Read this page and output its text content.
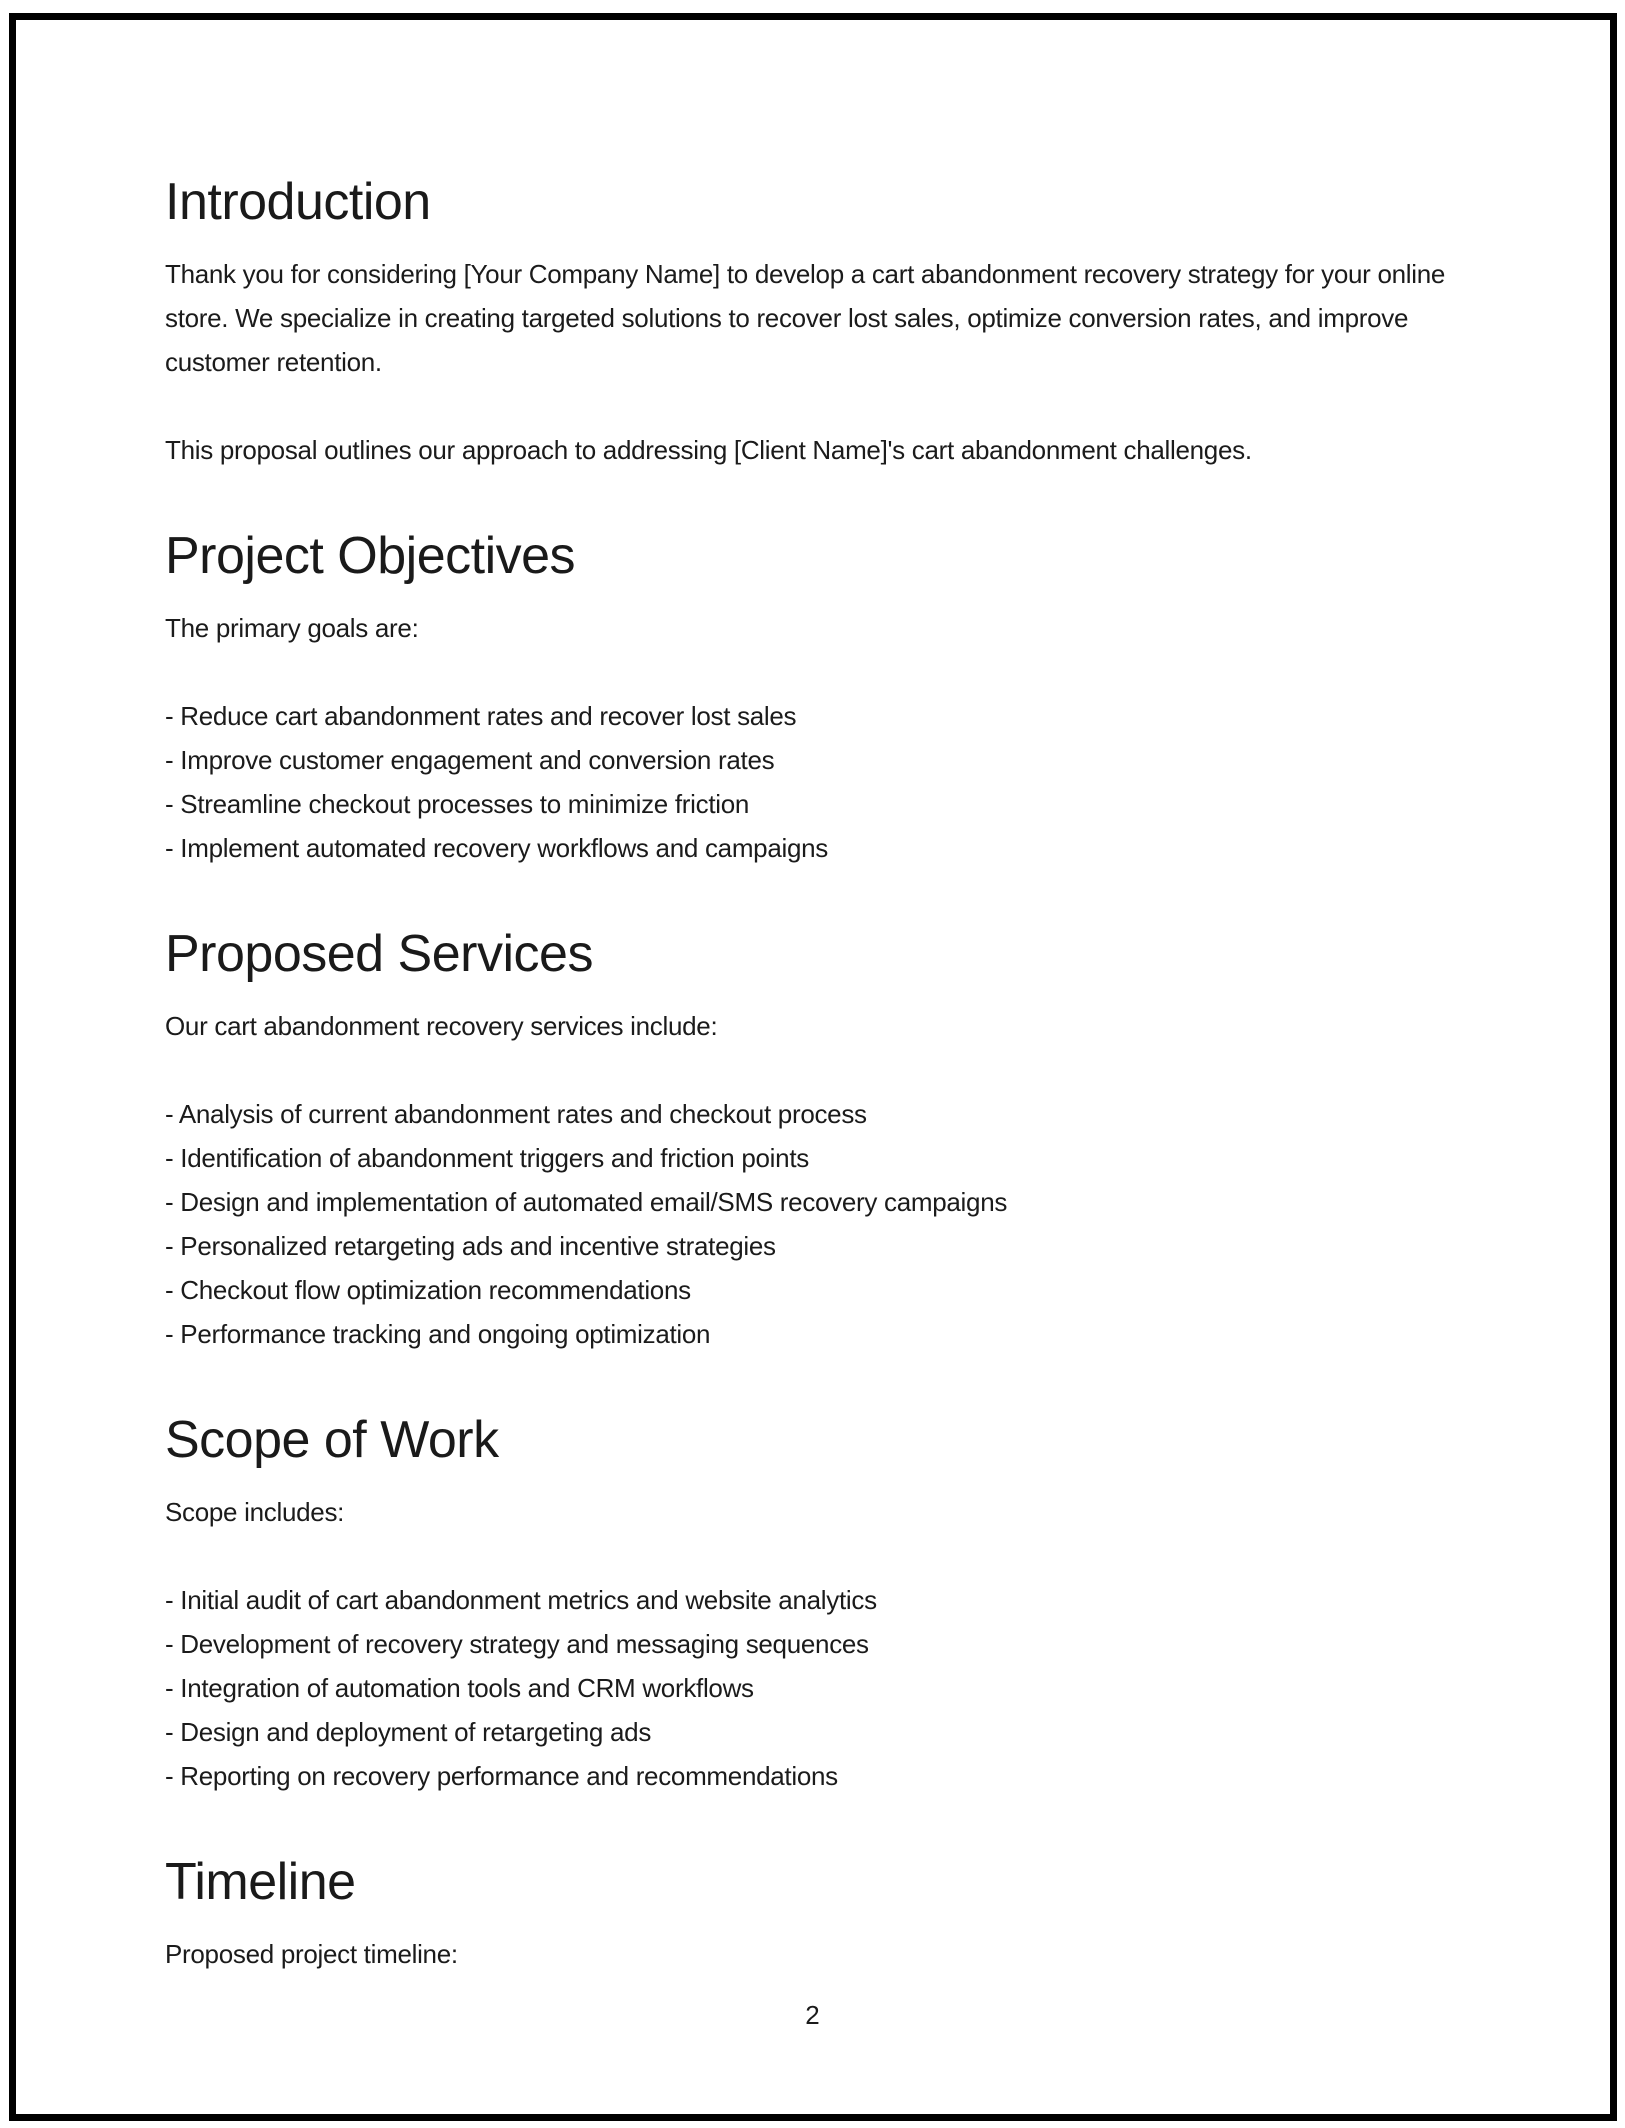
Introduction

Thank you for considering [Your Company Name] to develop a cart abandonment recovery strategy for your online store. We specialize in creating targeted solutions to recover lost sales, optimize conversion rates, and improve customer retention.

This proposal outlines our approach to addressing [Client Name]'s cart abandonment challenges.

Project Objectives

The primary goals are:

- Reduce cart abandonment rates and recover lost sales

- Improve customer engagement and conversion rates

- Streamline checkout processes to minimize friction

- Implement automated recovery workflows and campaigns

Proposed Services

Our cart abandonment recovery services include:

- Analysis of current abandonment rates and checkout process

- Identification of abandonment triggers and friction points

- Design and implementation of automated email/SMS recovery campaigns

- Personalized retargeting ads and incentive strategies

- Checkout flow optimization recommendations

- Performance tracking and ongoing optimization

Scope of Work

Scope includes:

- Initial audit of cart abandonment metrics and website analytics

- Development of recovery strategy and messaging sequences

- Integration of automation tools and CRM workflows

- Design and deployment of retargeting ads

- Reporting on recovery performance and recommendations

Timeline

Proposed project timeline:

2
